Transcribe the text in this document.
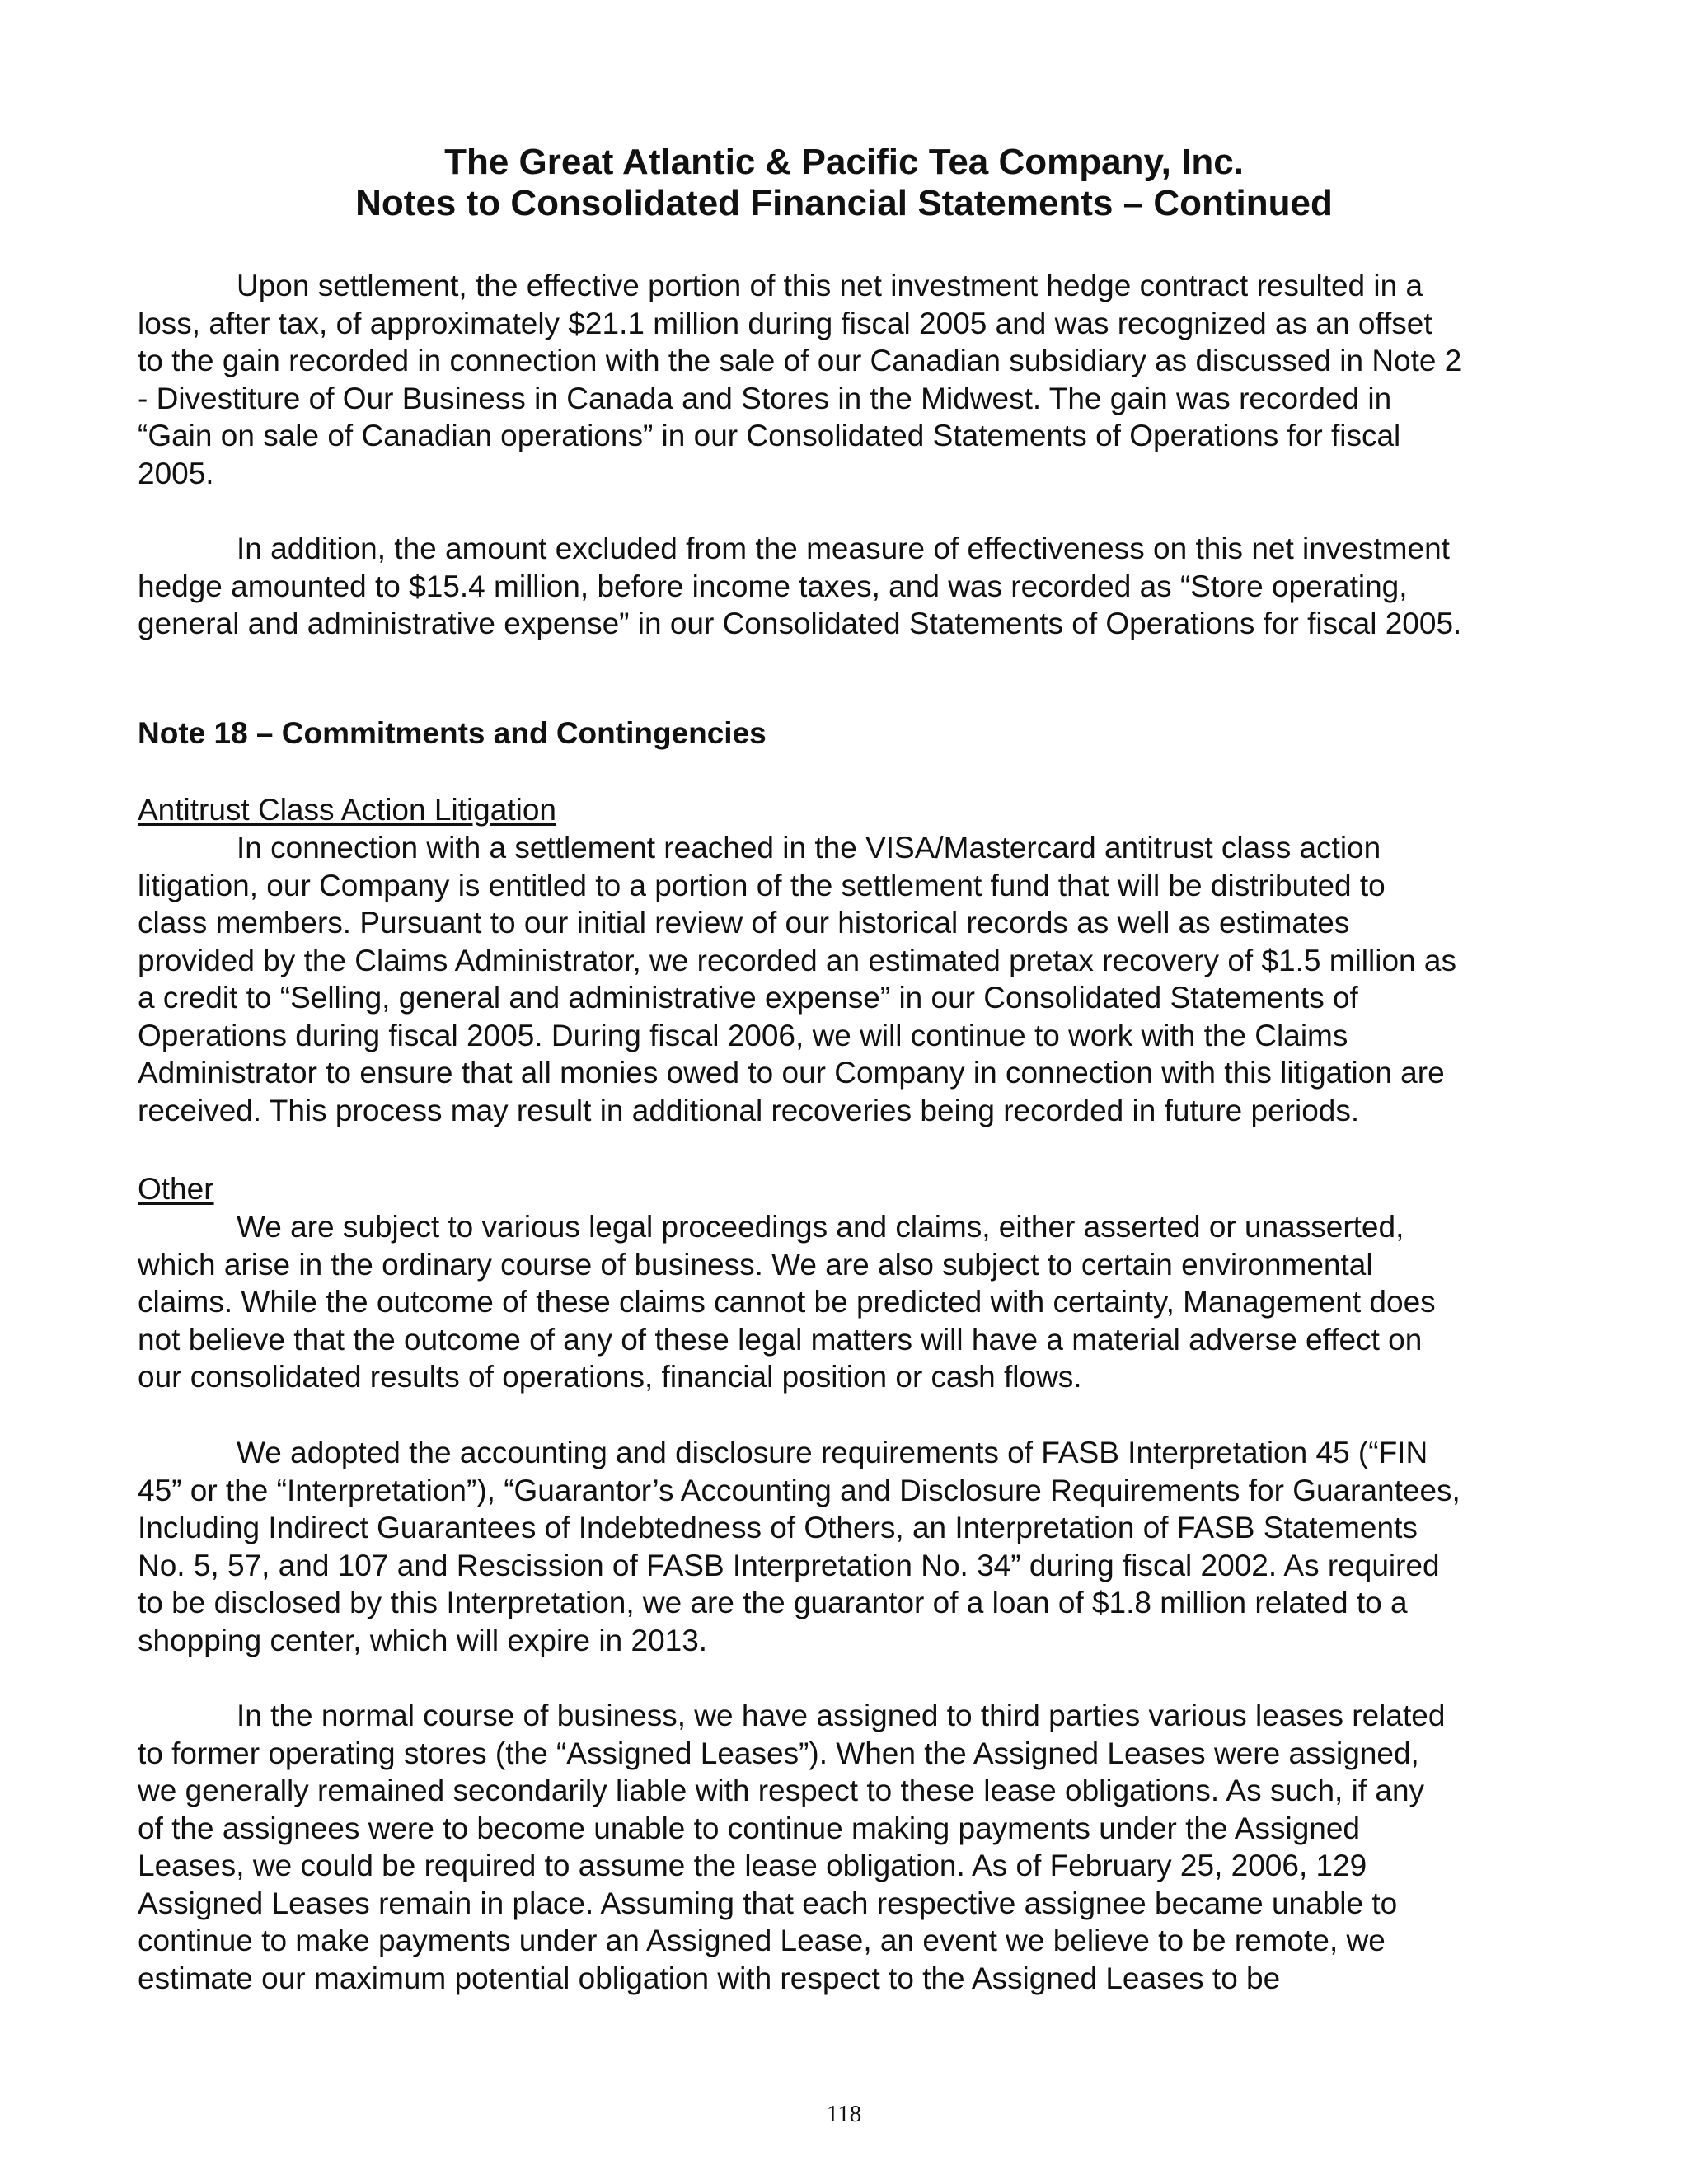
The Great Atlantic & Pacific Tea Company, Inc.
Notes to Consolidated Financial Statements – Continued
Upon settlement, the effective portion of this net investment hedge contract resulted in a
loss, after tax, of approximately $21.1 million during fiscal 2005 and was recognized as an offset
to the gain recorded in connection with the sale of our Canadian subsidiary as discussed in Note 2
- Divestiture of Our Business in Canada and Stores in the Midwest. The gain was recorded in
“Gain on sale of Canadian operations” in our Consolidated Statements of Operations for fiscal
2005.
In addition, the amount excluded from the measure of effectiveness on this net investment
hedge amounted to $15.4 million, before income taxes, and was recorded as “Store operating,
general and administrative expense” in our Consolidated Statements of Operations for fiscal 2005.
Note 18 – Commitments and Contingencies
Antitrust Class Action Litigation
In connection with a settlement reached in the VISA/Mastercard antitrust class action
litigation, our Company is entitled to a portion of the settlement fund that will be distributed to
class members. Pursuant to our initial review of our historical records as well as estimates
provided by the Claims Administrator, we recorded an estimated pretax recovery of $1.5 million as
a credit to “Selling, general and administrative expense” in our Consolidated Statements of
Operations during fiscal 2005. During fiscal 2006, we will continue to work with the Claims
Administrator to ensure that all monies owed to our Company in connection with this litigation are
received. This process may result in additional recoveries being recorded in future periods.
Other
We are subject to various legal proceedings and claims, either asserted or unasserted,
which arise in the ordinary course of business. We are also subject to certain environmental
claims. While the outcome of these claims cannot be predicted with certainty, Management does
not believe that the outcome of any of these legal matters will have a material adverse effect on
our consolidated results of operations, financial position or cash flows.
We adopted the accounting and disclosure requirements of FASB Interpretation 45 (“FIN
45” or the “Interpretation”), “Guarantor’s Accounting and Disclosure Requirements for Guarantees,
Including Indirect Guarantees of Indebtedness of Others, an Interpretation of FASB Statements
No. 5, 57, and 107 and Rescission of FASB Interpretation No. 34” during fiscal 2002. As required
to be disclosed by this Interpretation, we are the guarantor of a loan of $1.8 million related to a
shopping center, which will expire in 2013.
In the normal course of business, we have assigned to third parties various leases related
to former operating stores (the “Assigned Leases”). When the Assigned Leases were assigned,
we generally remained secondarily liable with respect to these lease obligations. As such, if any
of the assignees were to become unable to continue making payments under the Assigned
Leases, we could be required to assume the lease obligation. As of February 25, 2006, 129
Assigned Leases remain in place. Assuming that each respective assignee became unable to
continue to make payments under an Assigned Lease, an event we believe to be remote, we
estimate our maximum potential obligation with respect to the Assigned Leases to be
118
